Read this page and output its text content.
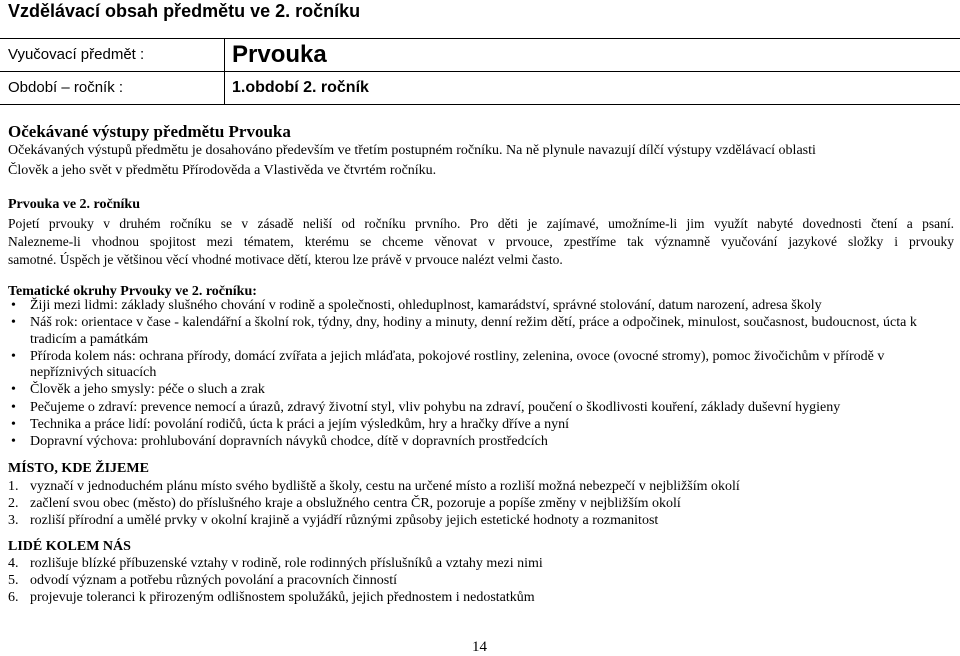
Vzdělávací obsah předmětu ve 2. ročníku
Vyučovací předmět :	Prvouka
Období – ročník :	1.období 2. ročník
Očekávané výstupy předmětu Prvouka
Očekávaných výstupů předmětu je dosahováno především ve třetím postupném ročníku. Na ně plynule navazují dílčí výstupy vzdělávací oblasti
Člověk a jeho svět v předmětu Přírodověda a Vlastivěda ve čtvrtém ročníku.
Prvouka ve 2. ročníku
Pojetí prvouky v druhém ročníku se v zásadě neliší od ročníku prvního. Pro děti je zajímavé, umožníme-li jim využít nabyté dovednosti čtení a psaní.
Nalezneme-li vhodnou spojitost mezi tématem, kterému se chceme věnovat v prvouce, zpestříme tak významně vyučování jazykové složky i prvouky
samotné. Úspěch je většinou věcí vhodné motivace dětí, kterou lze právě v prvouce nalézt velmi často.
Tematické okruhy Prvouky ve 2. ročníku:
• Žiji mezi lidmi: základy slušného chování v rodině a společnosti, ohleduplnost, kamarádství, správné stolování, datum narození, adresa školy
• Náš rok: orientace v čase - kalendářní a školní rok, týdny, dny, hodiny a minuty, denní režim dětí, práce a odpočinek, minulost, současnost, budoucnost, úcta k tradicím a památkám
• Příroda kolem nás: ochrana přírody, domácí zvířata a jejich mláďata, pokojové rostliny, zelenina, ovoce (ovocné stromy), pomoc živočichům v přírodě v nepříznivých situacích
• Člověk a jeho smysly: péče o sluch a zrak
• Pečujeme o zdraví: prevence nemocí a úrazů, zdravý životní styl, vliv pohybu na zdraví, poučení o škodlivosti kouření, základy duševní hygieny
• Technika a práce lidí: povolání rodičů, úcta k práci a jejím výsledkům, hry a hračky dříve a nyní
• Dopravní výchova: prohlubování dopravních návyků chodce, dítě v dopravních prostředcích
MÍSTO, KDE ŽIJEME
1. vyznačí v jednoduchém plánu místo svého bydliště a školy, cestu na určené místo a rozliší možná nebezpečí v nejbližším okolí
2. začlení svou obec (město) do příslušného kraje a obslužného centra ČR, pozoruje a popíše změny v nejbližším okolí
3. rozliší přírodní a umělé prvky v okolní krajině a vyjádří různými způsoby jejich estetické hodnoty a rozmanitost
LIDÉ KOLEM NÁS
4. rozlišuje blízké příbuzenské vztahy v rodině, role rodinných příslušníků a vztahy mezi nimi
5. odvodí význam a potřebu různých povolání a pracovních činností
6. projevuje toleranci k přirozeným odlišnostem spolužáků, jejich přednostem i nedostatkům
14
